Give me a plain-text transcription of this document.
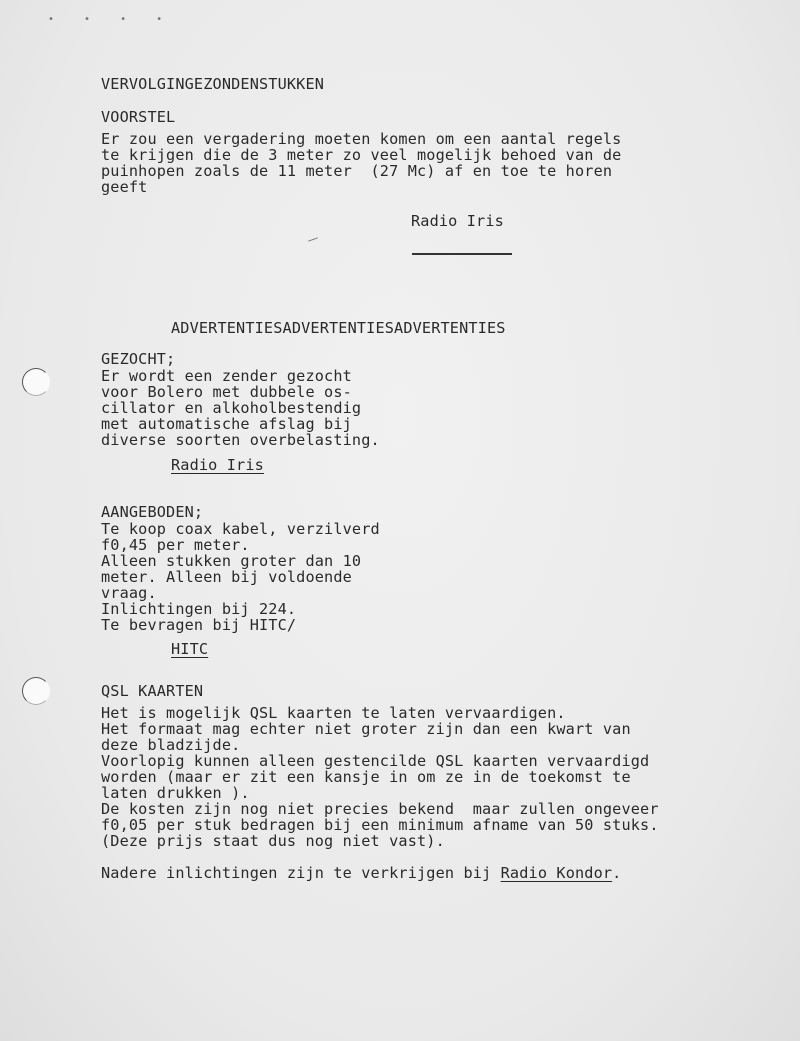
• • • •
VERVOLGINGEZONDENSTUKKEN
VOORSTEL
Er zou een vergadering moeten komen om een aantal regels
te krijgen die de 3 meter zo veel mogelijk behoed van de
puinhopen zoals de 11 meter  (27 Mc) af en toe te horen
geeft
Radio Iris
ADVERTENTIESADVERTENTIESADVERTENTIES
GEZOCHT;
Er wordt een zender gezocht
voor Bolero met dubbele os-
cillator en alkoholbestendig
met automatische afslag bij
diverse soorten overbelasting.
Radio Iris
AANGEBODEN;
Te koop coax kabel, verzilverd
f0,45 per meter.
Alleen stukken groter dan 10
meter. Alleen bij voldoende
vraag.
Inlichtingen bij 224.
Te bevragen bij HITC/
HITC
QSL KAARTEN
Het is mogelijk QSL kaarten te laten vervaardigen.
Het formaat mag echter niet groter zijn dan een kwart van
deze bladzijde.
Voorlopig kunnen alleen gestencilde QSL kaarten vervaardigd
worden (maar er zit een kansje in om ze in de toekomst te
laten drukken ).
De kosten zijn nog niet precies bekend  maar zullen ongeveer
f0,05 per stuk bedragen bij een minimum afname van 50 stuks.
(Deze prijs staat dus nog niet vast).
Nadere inlichtingen zijn te verkrijgen bij Radio Kondor.
